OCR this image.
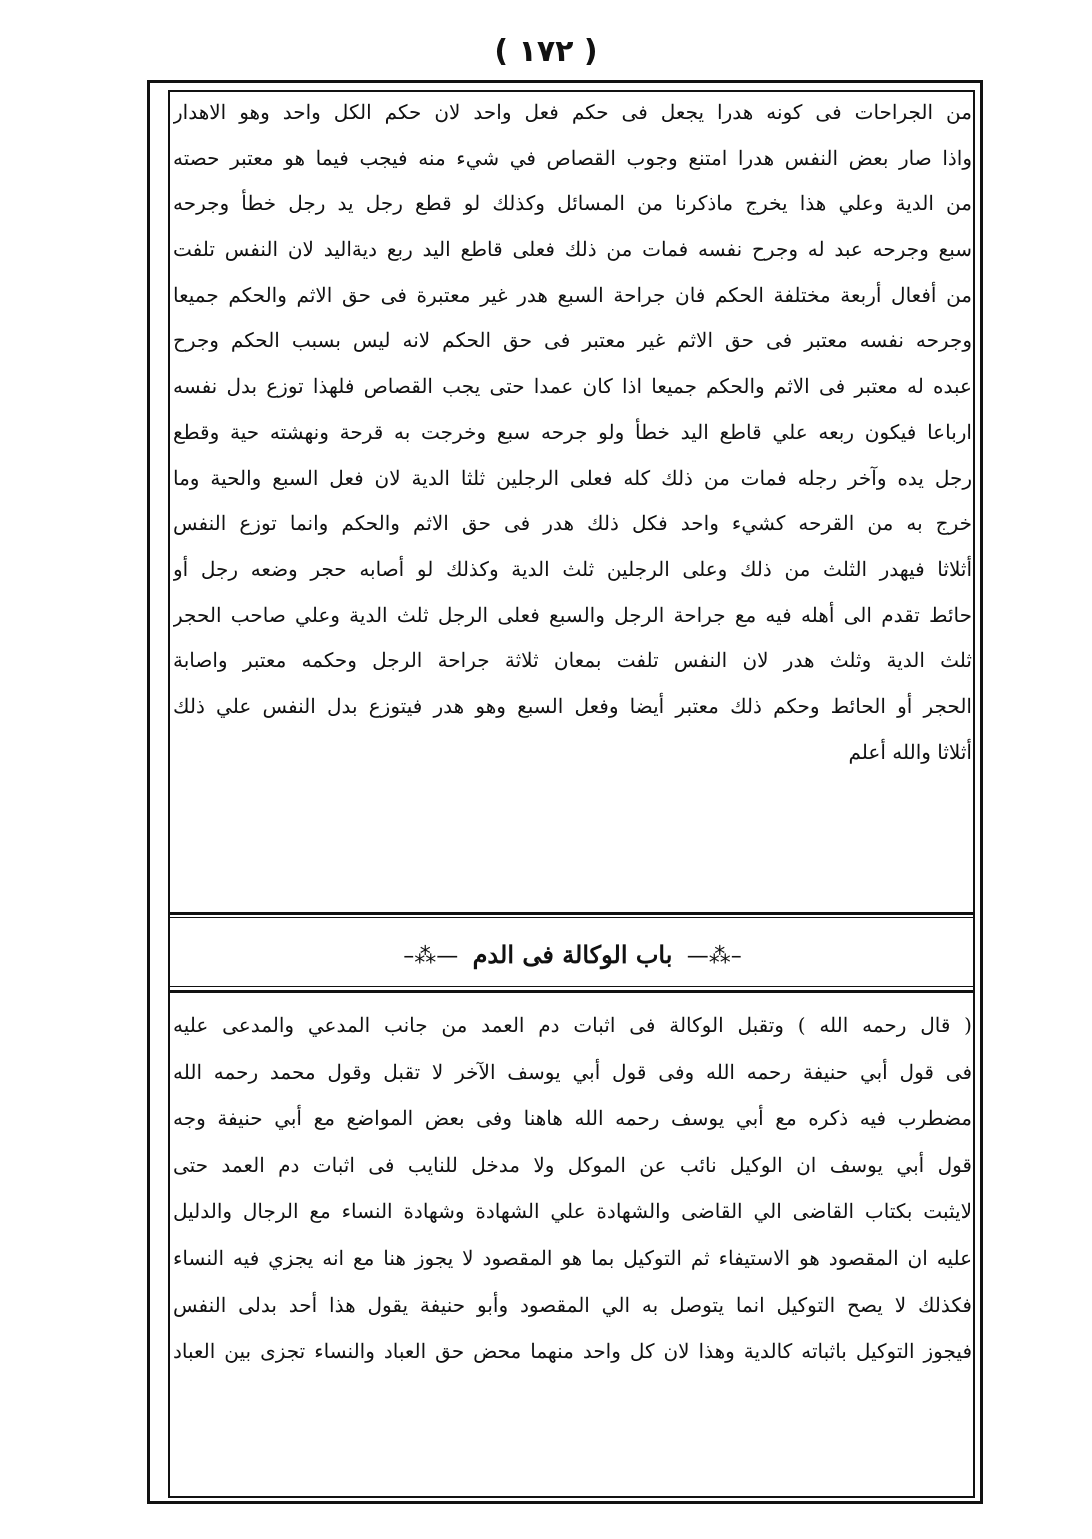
( ١٧٢ )
من الجراحات فى كونه هدرا يجعل فى حكم فعل واحد لان حكم الكل واحد وهو الاهدار
واذا صار بعض النفس هدرا امتنع وجوب القصاص في شيء منه فيجب فيما هو معتبر حصته
من الدية وعلي هذا يخرج ماذكرنا من المسائل وكذلك لو قطع رجل يد رجل خطأ وجرحه
سبع وجرحه عبد له وجرح نفسه فمات من ذلك فعلى قاطع اليد ربع ديةاليد لان النفس تلفت
من أفعال أربعة مختلفة الحكم فان جراحة السبع هدر غير معتبرة فى حق الاثم والحكم جميعا
وجرحه نفسه معتبر فى حق الاثم غير معتبر فى حق الحكم لانه ليس بسبب الحكم وجرح
عبده له معتبر فى الاثم والحكم جميعا اذا كان عمدا حتى يجب القصاص فلهذا توزع بدل نفسه
ارباعا فيكون ربعه علي قاطع اليد خطأ ولو جرحه سبع وخرجت به قرحة ونهشته حية وقطع
رجل يده وآخر رجله فمات من ذلك كله فعلى الرجلين ثلثا الدية لان فعل السبع والحية وما
خرج به من القرحه كشيء واحد فكل ذلك هدر فى حق الاثم والحكم وانما توزع النفس
أثلاثا فيهدر الثلث من ذلك وعلى الرجلين ثلث الدية وكذلك لو أصابه حجر وضعه رجل أو
حائط تقدم الى أهله فيه مع جراحة الرجل والسبع فعلى الرجل ثلث الدية وعلي صاحب الحجر
ثلث الدية وثلث هدر لان النفس تلفت بمعان ثلاثة جراحة الرجل وحكمه معتبر واصابة
الحجر أو الحائط وحكم ذلك معتبر أيضا وفعل السبع وهو هدر فيتوزع بدل النفس علي ذلك
أثلاثا والله أعلم
–⁂— باب الوكالة فى الدم —⁂–
( قال رحمه الله ) وتقبل الوكالة فى اثبات دم العمد من جانب المدعي والمدعى عليه
فى قول أبي حنيفة رحمه الله وفى قول أبي يوسف الآخر لا تقبل وقول محمد رحمه الله
مضطرب فيه ذكره مع أبي يوسف رحمه الله هاهنا وفى بعض المواضع مع أبي حنيفة وجه
قول أبي يوسف ان الوكيل نائب عن الموكل ولا مدخل للنايب فى اثبات دم العمد حتى
لايثبت بكتاب القاضى الي القاضى والشهادة علي الشهادة وشهادة النساء مع الرجال والدليل
عليه ان المقصود هو الاستيفاء ثم التوكيل بما هو المقصود لا يجوز هنا مع انه يجزي فيه النساء
فكذلك لا يصح التوكيل انما يتوصل به الي المقصود وأبو حنيفة يقول هذا أحد بدلى النفس
فيجوز التوكيل باثباته كالدية وهذا لان كل واحد منهما محض حق العباد والنساء تجزى بين العباد
